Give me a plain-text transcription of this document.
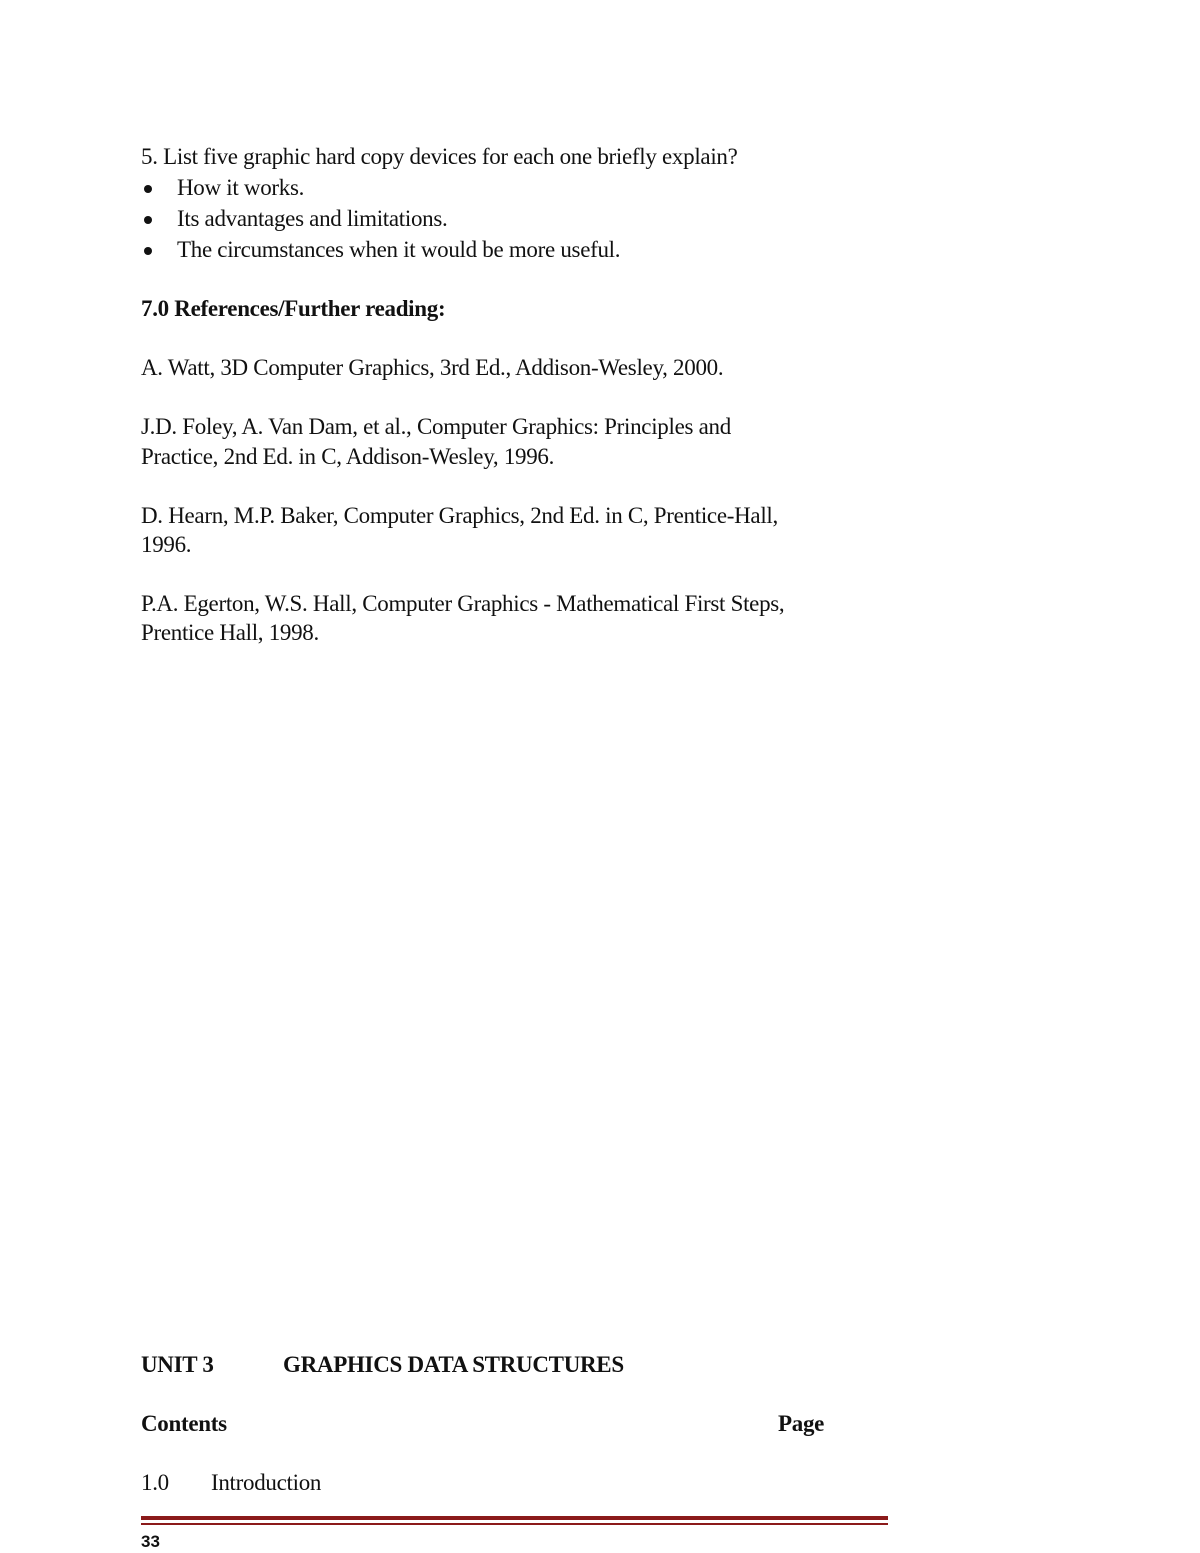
5. List five graphic hard copy devices for each one briefly explain?
How it works.
Its advantages and limitations.
The circumstances when it would be more useful.
7.0 References/Further reading:
A. Watt, 3D Computer Graphics, 3rd Ed., Addison-Wesley, 2000.
J.D. Foley, A. Van Dam, et al., Computer Graphics: Principles and
Practice, 2nd Ed. in C, Addison-Wesley, 1996.
D. Hearn, M.P. Baker, Computer Graphics, 2nd Ed. in C, Prentice-Hall,
1996.
P.A. Egerton, W.S. Hall, Computer Graphics - Mathematical First Steps,
Prentice Hall, 1998.
UNIT 3	GRAPHICS DATA STRUCTURES
Contents	Page
1.0 Introduction
33
